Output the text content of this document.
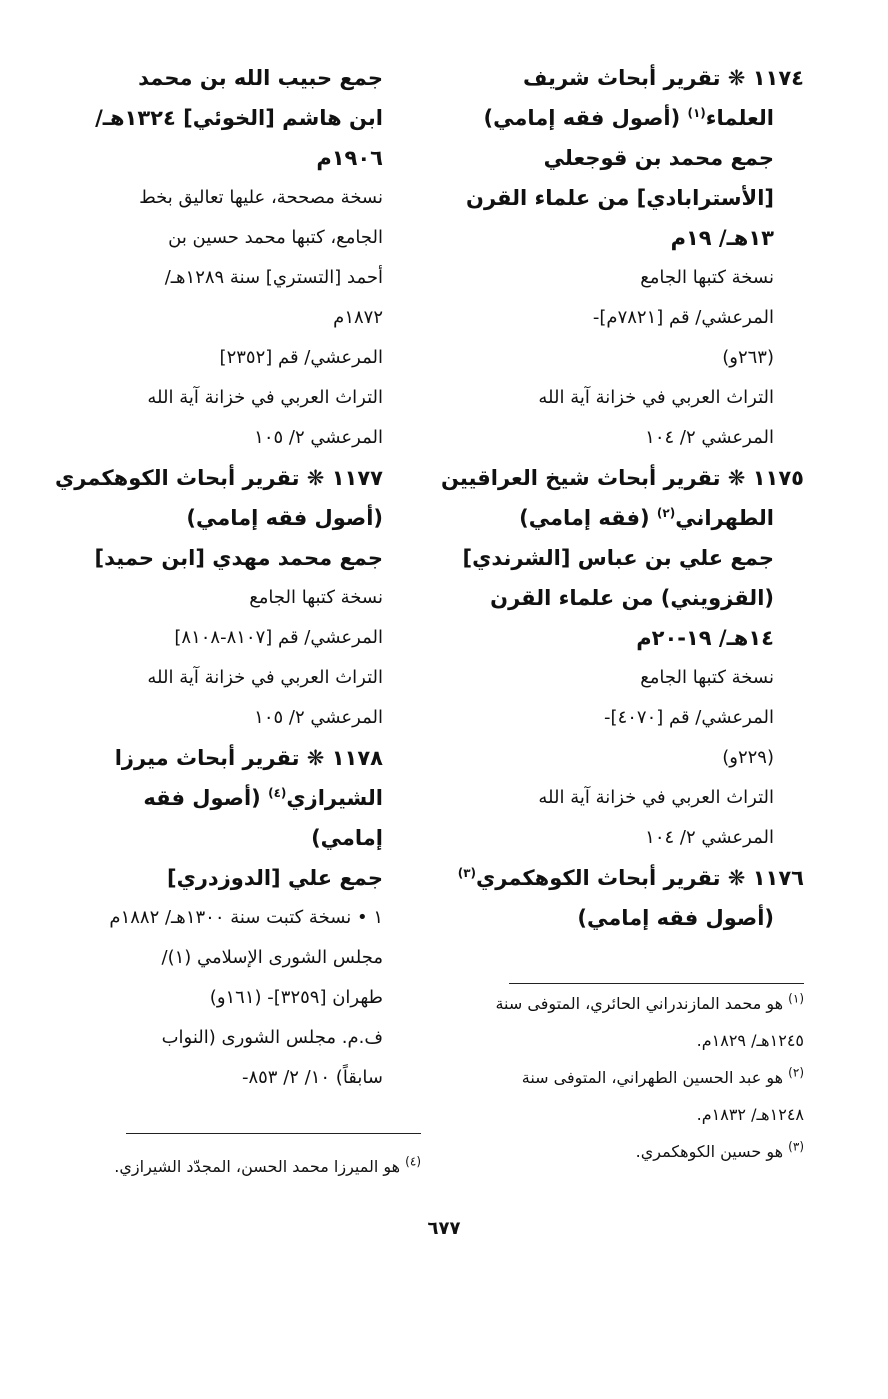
١١٧٤ ❋ تقرير أبحاث شريف
العلماء$^{(١)}$ (أصول فقه إمامي)
جمع محمد بن قوجعلي
[الأسترابادي] من علماء القرن
١٣هـ/ ١٩م
نسخة كتبها الجامع
المرعشي/ قم [٧٨٢١م]-
(٢٦٣و)
التراث العربي في خزانة آية الله
المرعشي ٢/ ١٠٤
١١٧٥ ❋ تقرير أبحاث شيخ العراقيين
الطهراني$^{(٢)}$ (فقه إمامي)
جمع علي بن عباس [الشرندي]
(القزويني) من علماء القرن
١٤هـ/ ١٩-٢٠م
نسخة كتبها الجامع
المرعشي/ قم [٤٠٧٠]-
(٢٢٩و)
التراث العربي في خزانة آية الله
المرعشي ٢/ ١٠٤
١١٧٦ ❋ تقرير أبحاث الكوهكمري$^{(٣)}$
(أصول فقه إمامي)
جمع حبيب الله بن محمد
ابن هاشم [الخوئي] ١٣٢٤هـ/
١٩٠٦م
نسخة مصححة، عليها تعاليق بخط
الجامع، كتبها محمد حسين بن
أحمد [التستري] سنة ١٢٨٩هـ/
١٨٧٢م
المرعشي/ قم [٢٣٥٢]
التراث العربي في خزانة آية الله
المرعشي ٢/ ١٠٥
١١٧٧ ❋ تقرير أبحاث الكوهكمري
(أصول فقه إمامي)
جمع محمد مهدي [ابن حميد]
نسخة كتبها الجامع
المرعشي/ قم [٨١٠٧-٨١٠٨]
التراث العربي في خزانة آية الله
المرعشي ٢/ ١٠٥
١١٧٨ ❋ تقرير أبحاث ميرزا
الشيرازي$^{(٤)}$ (أصول فقه
إمامي)
جمع علي [الدوزدري]
١ • نسخة كتبت سنة ١٣٠٠هـ/ ١٨٨٢م
مجلس الشورى الإسلامي (١)/
طهران [٣٢٥٩]- (١٦١و)
ف.م. مجلس الشورى (النواب
سابقاً) ١٠/ ٢/ ٨٥٣-
$^{(١)}$ هو محمد المازندراني الحائري، المتوفى سنة
١٢٤٥هـ/ ١٨٢٩م.
$^{(٢)}$ هو عبد الحسين الطهراني، المتوفى سنة
١٢٤٨هـ/ ١٨٣٢م.
$^{(٣)}$ هو حسين الكوهكمري.
$^{(٤)}$ هو الميرزا محمد الحسن، المجدّد الشيرازي.
٦٧٧
